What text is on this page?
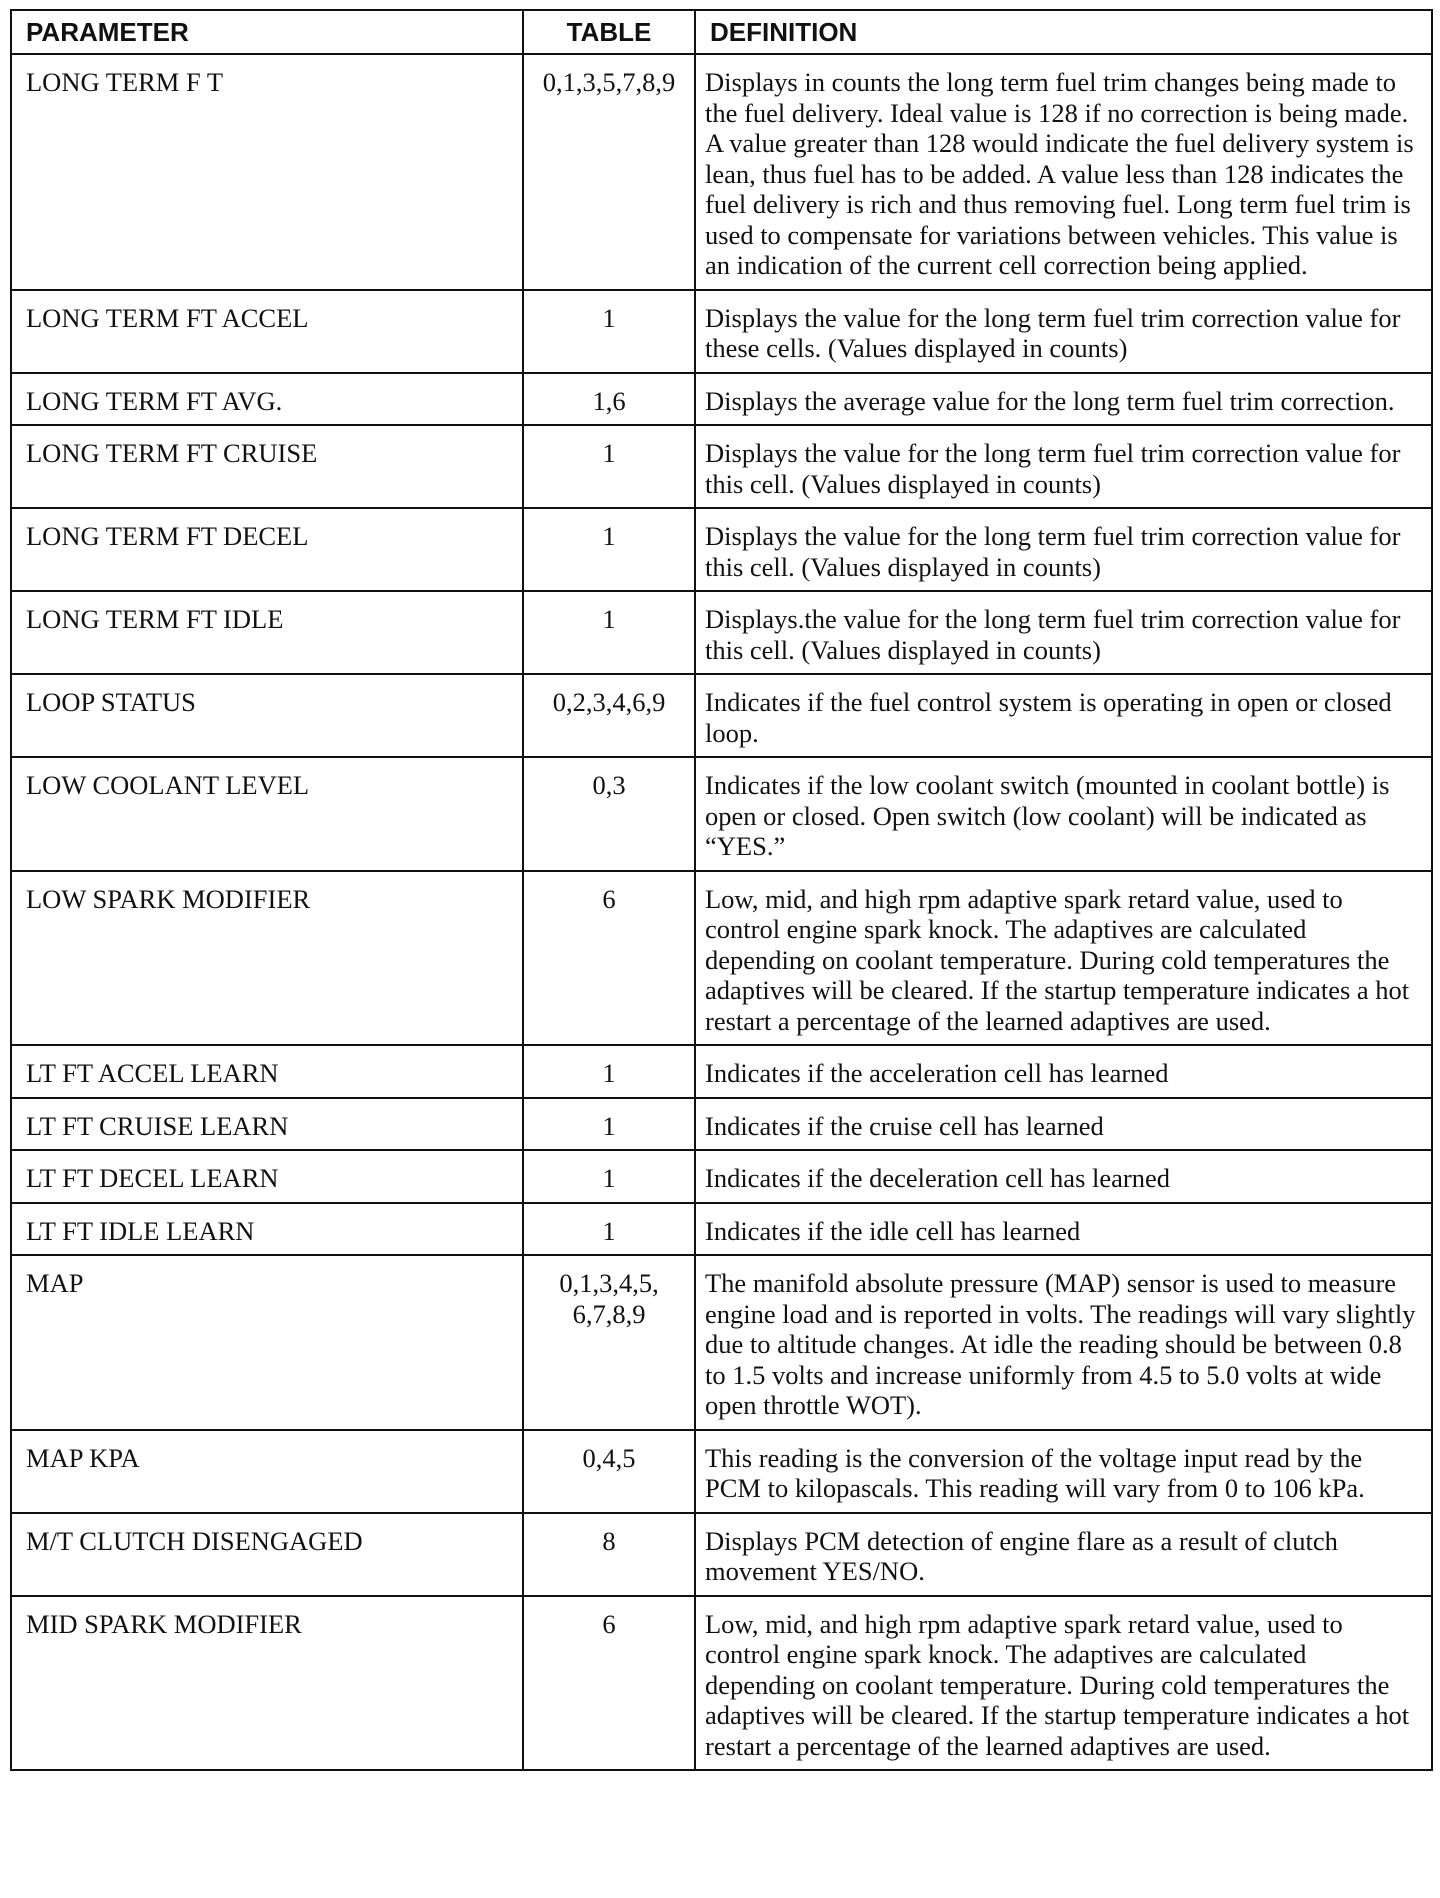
PARAMETER	TABLE	DEFINITION
LONG TERM F T	0,1,3,5,7,8,9	Displays in counts the long term fuel trim changes being made to the fuel delivery. Ideal value is 128 if no correction is being made. A value greater than 128 would indicate the fuel delivery system is lean, thus fuel has to be added. A value less than 128 indicates the fuel delivery is rich and thus removing fuel. Long term fuel trim is used to compensate for variations between vehicles. This value is an indication of the current cell correction being applied.
LONG TERM FT ACCEL	1	Displays the value for the long term fuel trim correction value for these cells. (Values displayed in counts)
LONG TERM FT AVG.	1,6	Displays the average value for the long term fuel trim correction.
LONG TERM FT CRUISE	1	Displays the value for the long term fuel trim correction value for this cell. (Values displayed in counts)
LONG TERM FT DECEL	1	Displays the value for the long term fuel trim correction value for this cell. (Values displayed in counts)
LONG TERM FT IDLE	1	Displays.the value for the long term fuel trim correction value for this cell. (Values displayed in counts)
LOOP STATUS	0,2,3,4,6,9	Indicates if the fuel control system is operating in open or closed loop.
LOW COOLANT LEVEL	0,3	Indicates if the low coolant switch (mounted in coolant bottle) is open or closed. Open switch (low coolant) will be indicated as “YES.”
LOW SPARK MODIFIER	6	Low, mid, and high rpm adaptive spark retard value, used to control engine spark knock. The adaptives are calculated depending on coolant temperature. During cold temperatures the adaptives will be cleared. If the startup temperature indicates a hot restart a percentage of the learned adaptives are used.
LT FT ACCEL LEARN	1	Indicates if the acceleration cell has learned
LT FT CRUISE LEARN	1	Indicates if the cruise cell has learned
LT FT DECEL LEARN	1	Indicates if the deceleration cell has learned
LT FT IDLE LEARN	1	Indicates if the idle cell has learned
MAP	0,1,3,4,5, 6,7,8,9	The manifold absolute pressure (MAP) sensor is used to measure engine load and is reported in volts. The readings will vary slightly due to altitude changes. At idle the reading should be between 0.8 to 1.5 volts and increase uniformly from 4.5 to 5.0 volts at wide open throttle WOT).
MAP KPA	0,4,5	This reading is the conversion of the voltage input read by the PCM to kilopascals. This reading will vary from 0 to 106 kPa.
M/T CLUTCH DISENGAGED	8	Displays PCM detection of engine flare as a result of clutch movement YES/NO.
MID SPARK MODIFIER	6	Low, mid, and high rpm adaptive spark retard value, used to control engine spark knock. The adaptives are calculated depending on coolant temperature. During cold temperatures the adaptives will be cleared. If the startup temperature indicates a hot restart a percentage of the learned adaptives are used.
